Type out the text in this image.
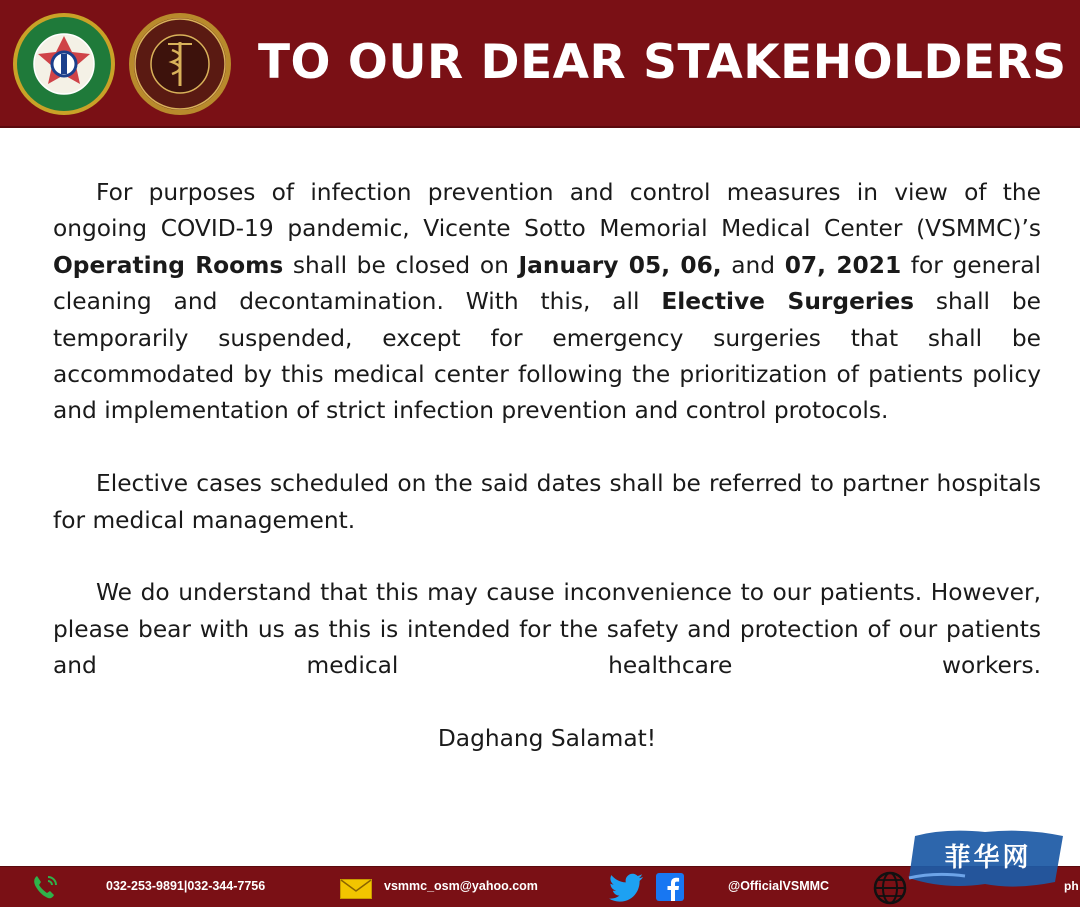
TO OUR DEAR STAKEHOLDERS

For purposes of infection prevention and control measures in view of the ongoing COVID-19 pandemic, Vicente Sotto Memorial Medical Center (VSMMC)’s Operating Rooms shall be closed on January 05, 06, and 07, 2021 for general cleaning and decontamination. With this, all Elective Surgeries shall be temporarily suspended, except for emergency surgeries that shall be accommodated by this medical center following the prioritization of patients policy and implementation of strict infection prevention and control protocols.

Elective cases scheduled on the said dates shall be referred to partner hospitals for medical management.

We do understand that this may cause inconvenience to our patients. However, please bear with us as this is intended for the safety and protection of our patients and medical healthcare workers.

Daghang Salamat!
032-253-9891|032-344-7756	vsmmc_osm@yahoo.com	@OfficialVSMMC	ph
菲华网
